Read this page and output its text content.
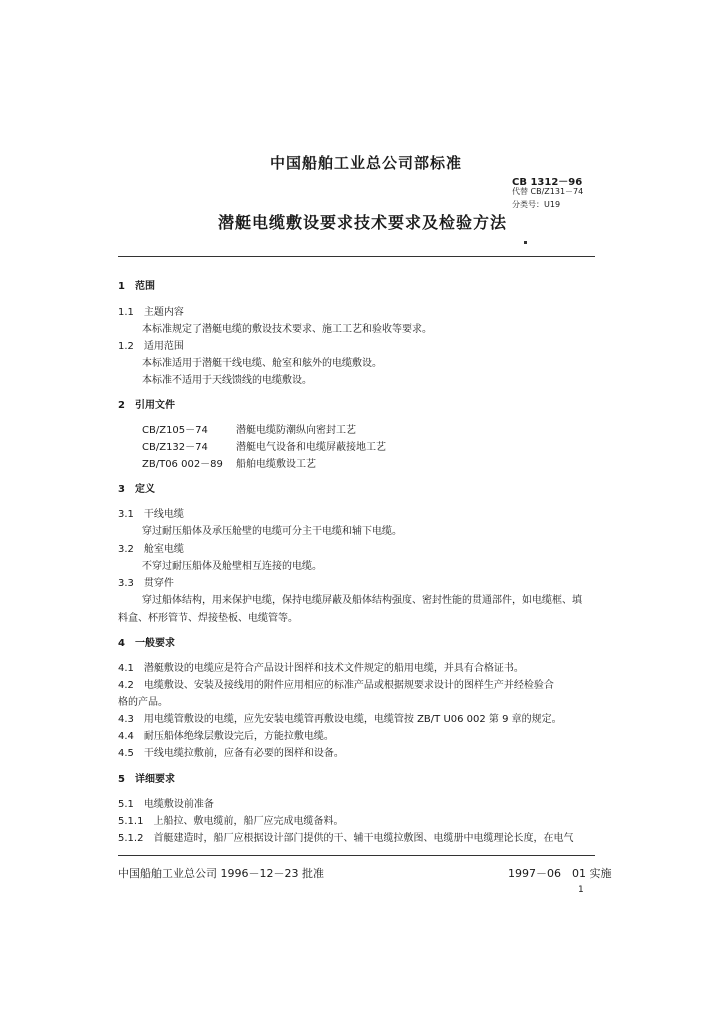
中国船舶工业总公司部标准
CB 1312－96
代替 CB/Z131－74
分类号：U19
潜艇电缆敷设要求技术要求及检验方法
1　范围
1.1　主题内容
本标准规定了潜艇电缆的敷设技术要求、施工工艺和验收等要求。
1.2　适用范围
本标准适用于潜艇干线电缆、舱室和舷外的电缆敷设。
本标准不适用于天线馈线的电缆敷设。
2　引用文件
CB/Z105－74	潜艇电缆防潮纵向密封工艺
CB/Z132－74	潜艇电气设备和电缆屏蔽接地工艺
ZB/T06 002－89 船舶电缆敷设工艺
3　定义
3.1　干线电缆
穿过耐压船体及承压舱壁的电缆可分主干电缆和辅下电缆。
3.2　舱室电缆
不穿过耐压船体及舱壁相互连接的电缆。
3.3　贯穿件
穿过船体结构，用来保护电缆，保持电缆屏蔽及船体结构强度、密封性能的贯通部件，如电缆框、填
料盒、杯形管节、焊接垫板、电缆管等。
4　一般要求
4.1　潜艇敷设的电缆应是符合产品设计图样和技术文件规定的船用电缆，并具有合格证书。
4.2　电缆敷设、安装及接线用的附件应用相应的标准产品或根据规要求设计的图样生产并经检验合
格的产品。
4.3　用电缆管敷设的电缆，应先安装电缆管再敷设电缆，电缆管按 ZB/T U06 002 第 9 章的规定。
4.4　耐压船体绝缘层敷设完后，方能拉敷电缆。
4.5　干线电缆拉敷前，应备有必要的图样和设备。
5　详细要求
5.1　电缆敷设前准备
5.1.1　上船拉、敷电缆前，船厂应完成电缆备料。
5.1.2　首艇建造时，船厂应根据设计部门提供的干、辅干电缆拉敷图、电缆册中电缆理论长度，在电气
中国船舶工业总公司 1996－12－23 批准	1997－06　01 实施
1
